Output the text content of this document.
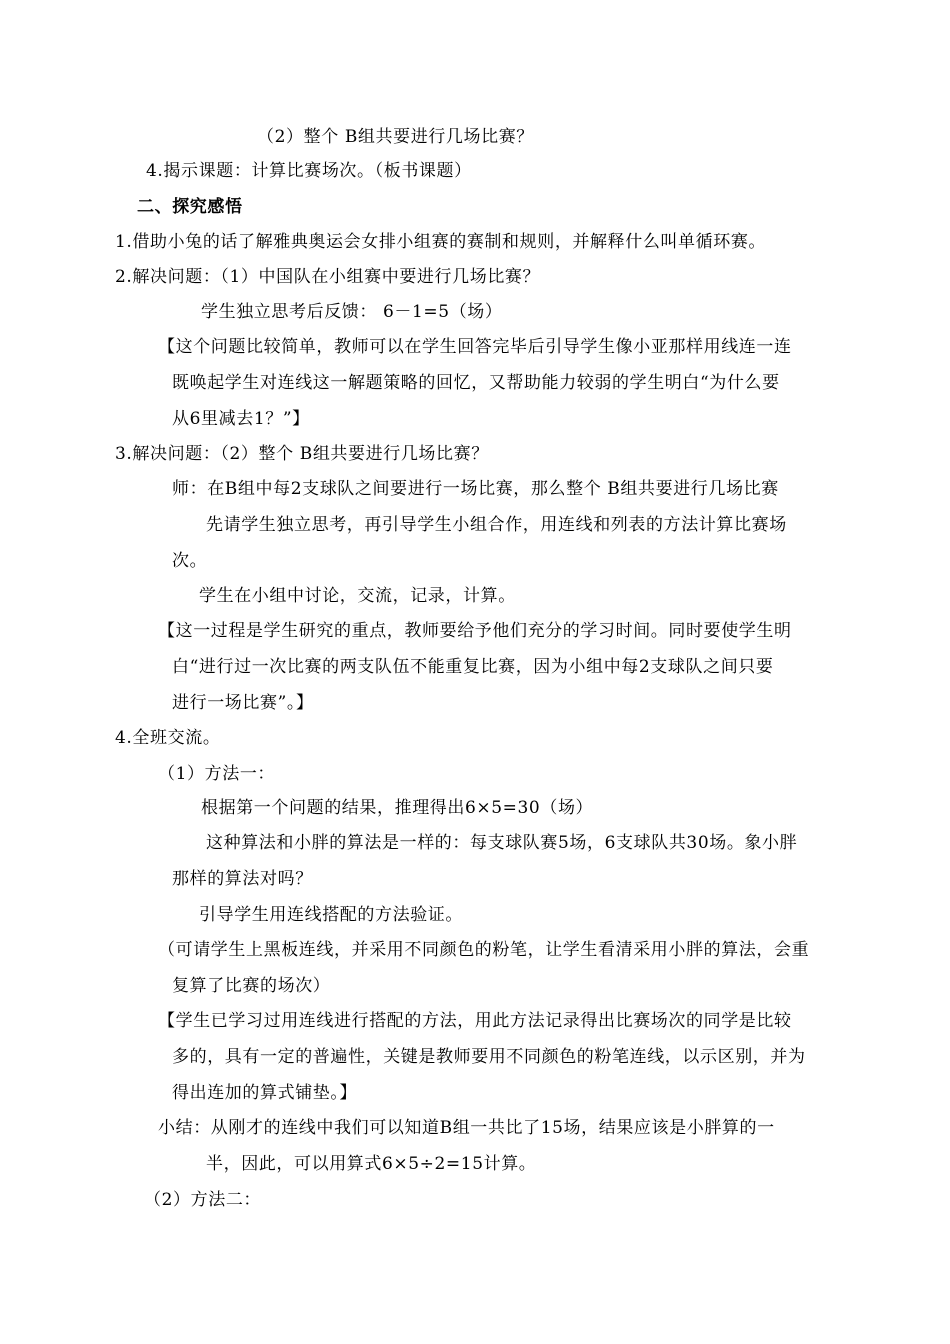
（2）整个 B组共要进行几场比赛？
4.揭示课题：计算比赛场次。（板书课题）
二、探究感悟
1.借助小兔的话了解雅典奥运会女排小组赛的赛制和规则，并解释什么叫单循环赛。
2.解决问题：（1）中国队在小组赛中要进行几场比赛？
学生独立思考后反馈： 6－1=5（场）
【这个问题比较简单，教师可以在学生回答完毕后引导学生像小亚那样用线连一连
既唤起学生对连线这一解题策略的回忆，又帮助能力较弱的学生明白“为什么要
从6里减去1？”】
3.解决问题：（2）整个 B组共要进行几场比赛？
师：在B组中每2支球队之间要进行一场比赛，那么整个 B组共要进行几场比赛
先请学生独立思考，再引导学生小组合作，用连线和列表的方法计算比赛场
次。
学生在小组中讨论，交流，记录，计算。
【这一过程是学生研究的重点，教师要给予他们充分的学习时间。同时要使学生明
白“进行过一次比赛的两支队伍不能重复比赛，因为小组中每2支球队之间只要
进行一场比赛”。】
4.全班交流。
（1）方法一：
根据第一个问题的结果，推理得出6×5=30（场）
这种算法和小胖的算法是一样的：每支球队赛5场，6支球队共30场。象小胖
那样的算法对吗？
引导学生用连线搭配的方法验证。
（可请学生上黑板连线，并采用不同颜色的粉笔，让学生看清采用小胖的算法，会重
复算了比赛的场次）
【学生已学习过用连线进行搭配的方法，用此方法记录得出比赛场次的同学是比较
多的，具有一定的普遍性，关键是教师要用不同颜色的粉笔连线，以示区别，并为
得出连加的算式铺垫。】
小结：从刚才的连线中我们可以知道B组一共比了15场，结果应该是小胖算的一
半，因此，可以用算式6×5÷2=15计算。
（2）方法二：
